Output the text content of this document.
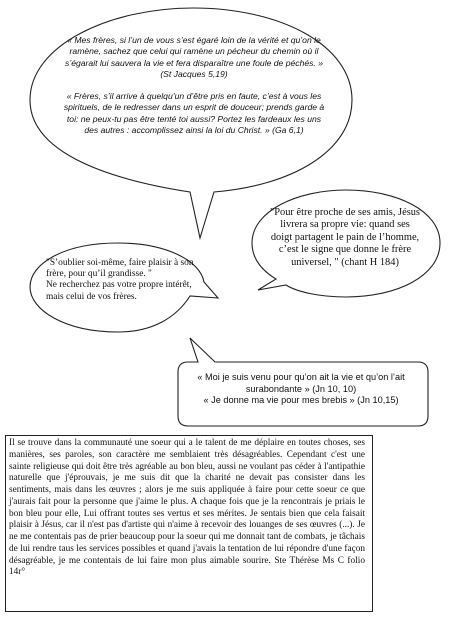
« Mes frères, si l’un de vous s’est égaré loin de la vérité et qu’on le ramène, sachez que celui qui ramène un pécheur du chemin où il s’égarait lui sauvera la vie et fera disparaître une foule de péchés. » (St Jacques 5,19)

« Frères, s’il arrive à quelqu’un d’être pris en faute, c’est à vous les spirituels, de le redresser dans un esprit de douceur; prends garde à toi: ne peux-tu pas être tenté toi aussi? Portez les fardeaux les uns des autres : accomplissez ainsi la loi du Christ. » (Ga 6,1)

"Pour être proche de ses amis, Jésus livrera sa propre vie: quand ses doigt partagent le pain de l’homme, c’est le signe que donne le frère universel, " (chant H 184)

"S’oublier soi-même, faire plaisir à son frère, pour qu’il grandisse. "

Ne recherchez pas votre propre intérêt, mais celui de vos frères.

« Moi je suis venu pour qu’on ait la vie et qu’on l’ait surabondante » (Jn 10, 10)

« Je donne ma vie pour mes brebis » (Jn 10,15)

Il se trouve dans la communauté une soeur qui a le talent de me déplaire en toutes choses, ses manières, ses paroles, son caractère me semblaient très désagréables. Cependant c'est une sainte religieuse qui doit être très agréable au bon bleu, aussi ne voulant pas céder à l'antipathie naturelle que j'éprouvais, je me suis dit que la charité ne devait pas consister dans les sentiments, mais dans les œuvres ; alors je me suis appliquée à faire pour cette soeur ce que j'aurais fait pour la personne que j'aime le plus. A chaque fois que je la rencontrais je priais le bon bleu pour elle, Lui offrant toutes ses vertus et ses mérites. Je sentais bien que cela faisait plaisir à Jésus, car il n'est pas d'artiste qui n'aime à recevoir des louanges de ses œuvres (...). Je ne me contentais pas de prier beaucoup pour la soeur qui me donnait tant de combats, je tâchais de lui rendre taus les services possibles et quand j'avais la tentation de lui répondre d'une façon désagréable, je me contentais de lui faire mon plus aimable sourire. Ste Thérèse Ms C folio 14r°
